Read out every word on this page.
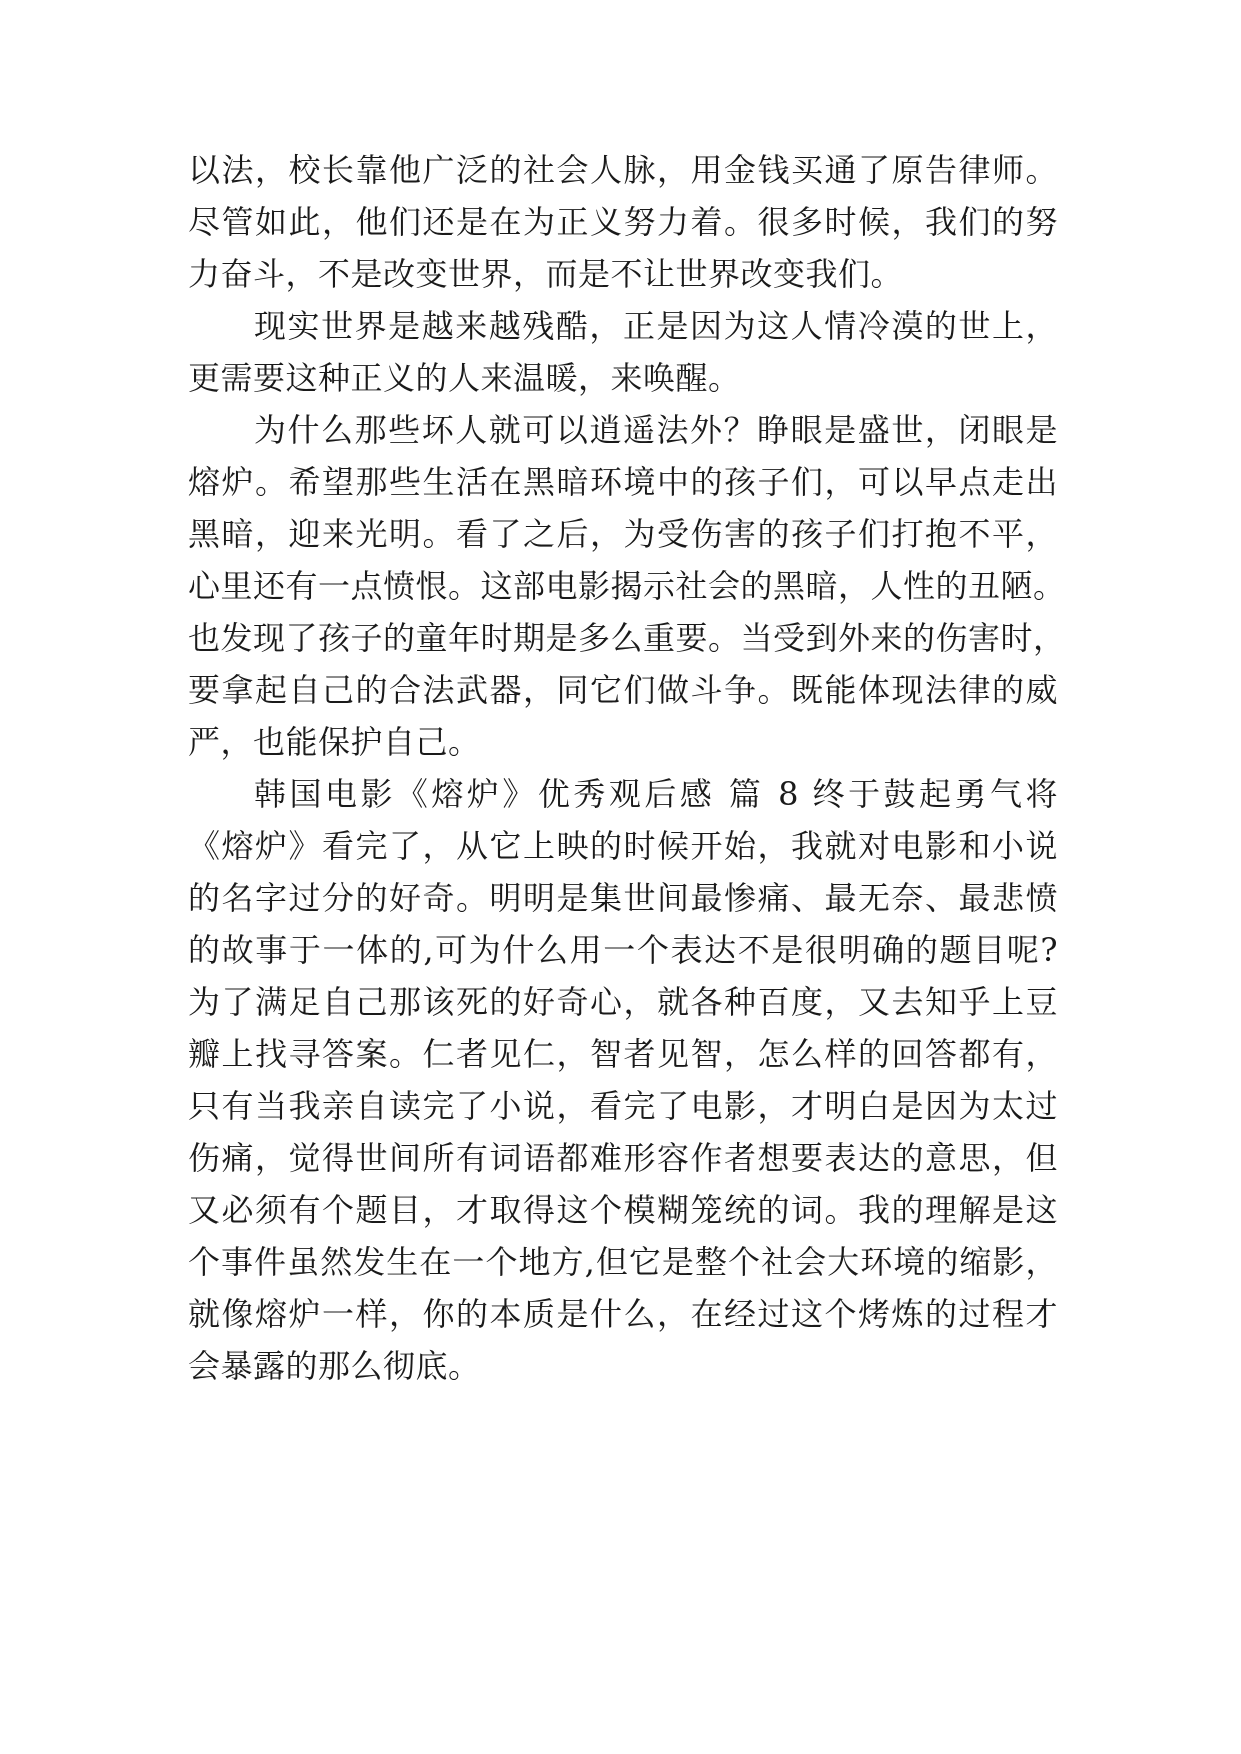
以法，校长靠他广泛的社会人脉，用金钱买通了原告律师。
尽管如此，他们还是在为正义努力着。很多时候，我们的努
力奋斗，不是改变世界，而是不让世界改变我们。
现实世界是越来越残酷，正是因为这人情冷漠的世上，
更需要这种正义的人来温暖，来唤醒。
为什么那些坏人就可以逍遥法外？睁眼是盛世，闭眼是
熔炉。希望那些生活在黑暗环境中的孩子们，可以早点走出
黑暗，迎来光明。看了之后，为受伤害的孩子们打抱不平，
心里还有一点愤恨。这部电影揭示社会的黑暗，人性的丑陋。
也发现了孩子的童年时期是多么重要。当受到外来的伤害时，
要拿起自己的合法武器，同它们做斗争。既能体现法律的威
严，也能保护自己。
韩国电影《熔炉》优秀观后感 篇 8 终于鼓起勇气将
《熔炉》看完了，从它上映的时候开始，我就对电影和小说
的名字过分的好奇。明明是集世间最惨痛、最无奈、最悲愤
的故事于一体的,可为什么用一个表达不是很明确的题目呢?
为了满足自己那该死的好奇心，就各种百度，又去知乎上豆
瓣上找寻答案。仁者见仁，智者见智，怎么样的回答都有，
只有当我亲自读完了小说，看完了电影，才明白是因为太过
伤痛，觉得世间所有词语都难形容作者想要表达的意思，但
又必须有个题目，才取得这个模糊笼统的词。我的理解是这
个事件虽然发生在一个地方,但它是整个社会大环境的缩影，
就像熔炉一样，你的本质是什么，在经过这个烤炼的过程才
会暴露的那么彻底。
